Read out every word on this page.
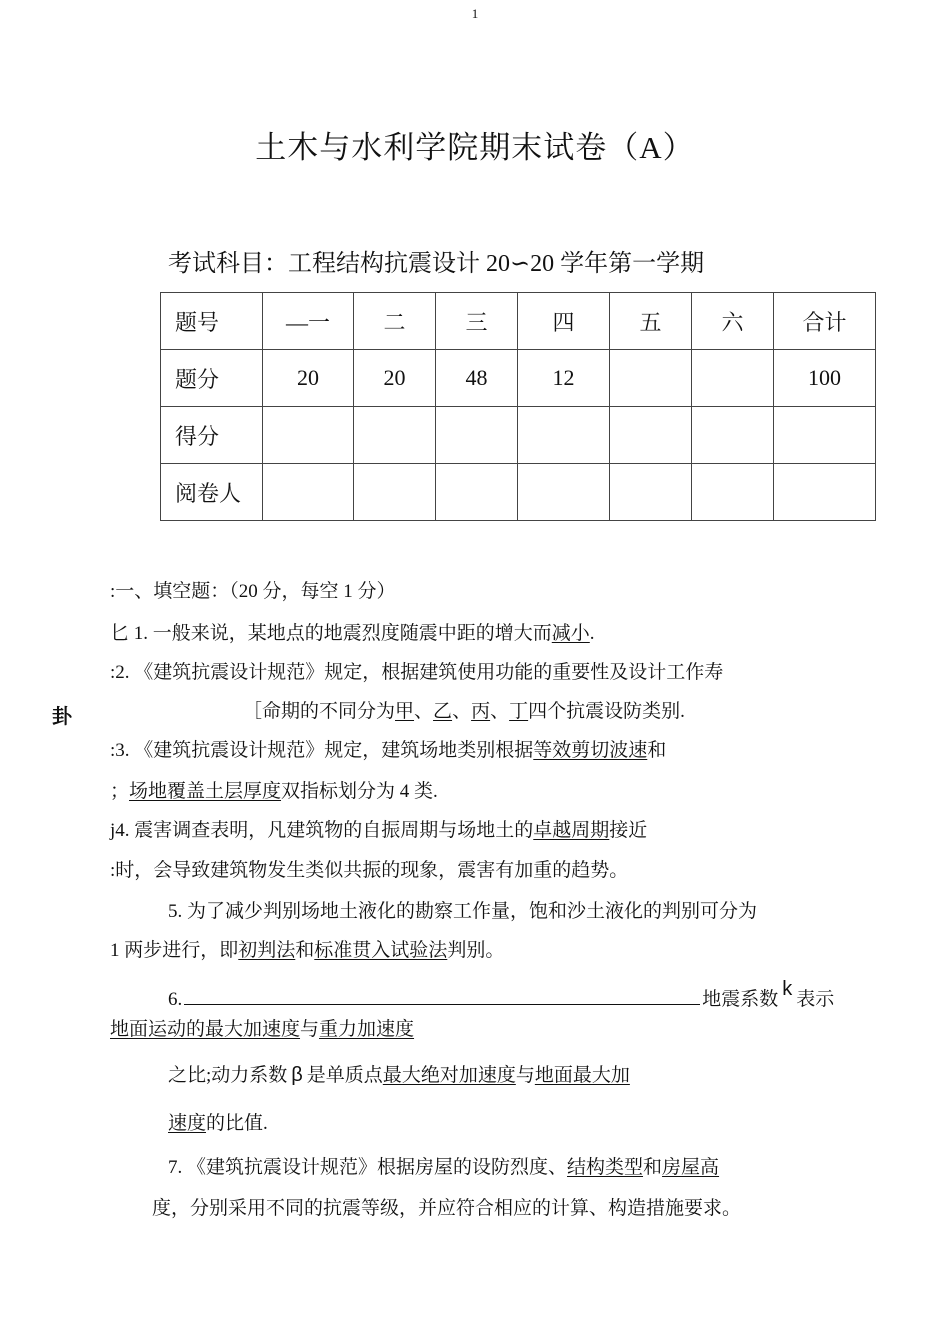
1
土木与水利学院期末试卷（A）
考试科目：工程结构抗震设计 20∽20 学年第一学期
题号	—一	二	三	四	五	六	合计
题分	20	20	48	12			100
得分							
阅卷人							
卦
:一、填空题：（20 分，每空 1 分）
匕 1. 一般来说，某地点的地震烈度随震中距的增大而减小.
:2. 《建筑抗震设计规范》规定，根据建筑使用功能的重要性及设计工作寿
［命期的不同分为甲、乙、丙、丁四个抗震设防类别.
:3. 《建筑抗震设计规范》规定，建筑场地类别根据等效剪切波速和
；场地覆盖土层厚度双指标划分为 4 类.
j4. 震害调查表明，凡建筑物的自振周期与场地土的卓越周期接近
:时，会导致建筑物发生类似共振的现象，震害有加重的趋势。
5. 为了减少判别场地土液化的勘察工作量，饱和沙土液化的判别可分为
1 两步进行，即初判法和标准贯入试验法判别。
6.	地震系数 k 表示
地面运动的最大加速度与重力加速度
之比;动力系数 β 是单质点最大绝对加速度与地面最大加
速度的比值.
7. 《建筑抗震设计规范》根据房屋的设防烈度、结构类型和房屋高
度，分别采用不同的抗震等级，并应符合相应的计算、构造措施要求。
